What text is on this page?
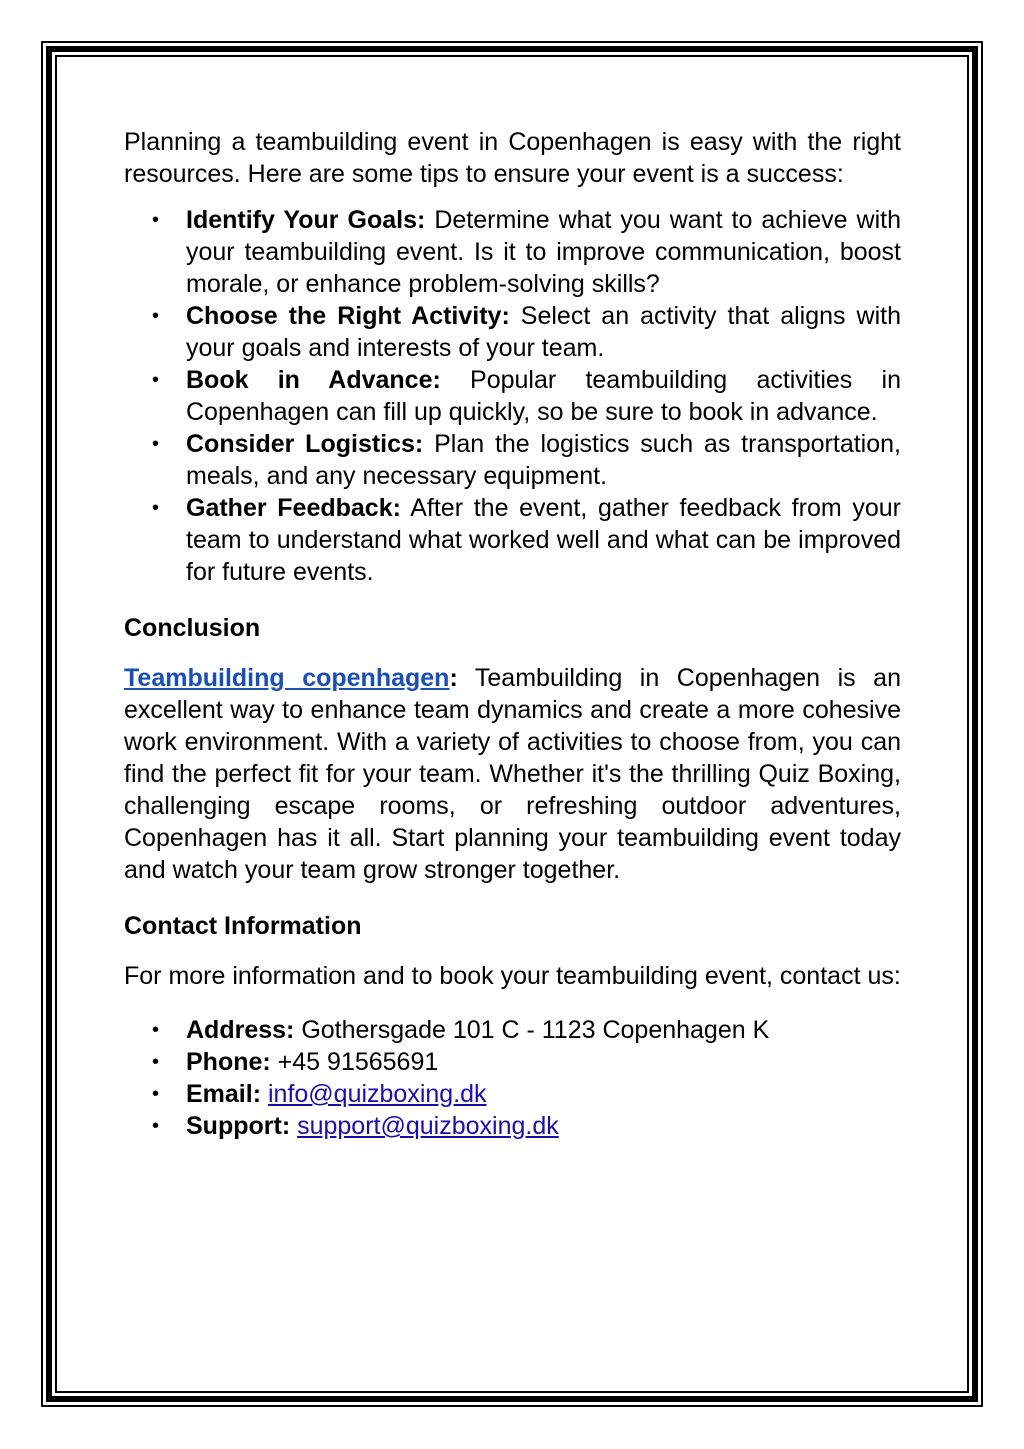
Planning a teambuilding event in Copenhagen is easy with the right resources. Here are some tips to ensure your event is a success:

• Identify Your Goals: Determine what you want to achieve with your teambuilding event. Is it to improve communication, boost morale, or enhance problem-solving skills?
• Choose the Right Activity: Select an activity that aligns with your goals and interests of your team.
• Book in Advance: Popular teambuilding activities in Copenhagen can fill up quickly, so be sure to book in advance.
• Consider Logistics: Plan the logistics such as transportation, meals, and any necessary equipment.
• Gather Feedback: After the event, gather feedback from your team to understand what worked well and what can be improved for future events.

Conclusion

Teambuilding copenhagen: Teambuilding in Copenhagen is an excellent way to enhance team dynamics and create a more cohesive work environment. With a variety of activities to choose from, you can find the perfect fit for your team. Whether it's the thrilling Quiz Boxing, challenging escape rooms, or refreshing outdoor adventures, Copenhagen has it all. Start planning your teambuilding event today and watch your team grow stronger together.

Contact Information

For more information and to book your teambuilding event, contact us:

• Address: Gothersgade 101 C - 1123 Copenhagen K
• Phone: +45 91565691
• Email: info@quizboxing.dk
• Support: support@quizboxing.dk
